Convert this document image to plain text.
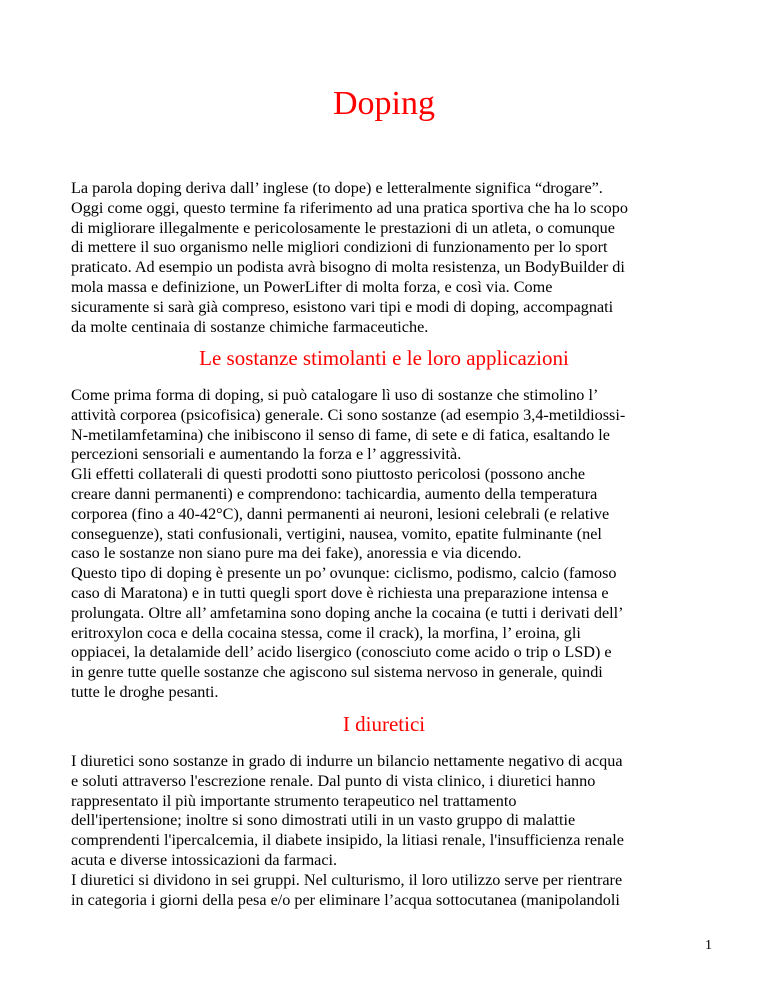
Doping

La parola doping deriva dall’ inglese (to dope) e letteralmente significa “drogare”.

Oggi come oggi, questo termine fa riferimento ad una pratica sportiva che ha lo scopo

di migliorare illegalmente e pericolosamente le prestazioni di un atleta, o comunque

di mettere il suo organismo nelle migliori condizioni di funzionamento per lo sport

praticato. Ad esempio un podista avrà bisogno di molta resistenza, un BodyBuilder di

mola massa e definizione, un PowerLifter di molta forza, e così via. Come

sicuramente si sarà già compreso, esistono vari tipi e modi di doping, accompagnati

da molte centinaia di sostanze chimiche farmaceutiche.

Le sostanze stimolanti e le loro applicazioni

Come prima forma di doping, si può catalogare lì uso di sostanze che stimolino l’

attività corporea (psicofisica) generale. Ci sono sostanze (ad esempio 3,4-metildiossi-

N-metilamfetamina) che inibiscono il senso di fame, di sete e di fatica, esaltando le

percezioni sensoriali e aumentando la forza e l’ aggressività.

Gli effetti collaterali di questi prodotti sono piuttosto pericolosi (possono anche

creare danni permanenti) e comprendono: tachicardia, aumento della temperatura

corporea (fino a 40-42°C), danni permanenti ai neuroni, lesioni celebrali (e relative

conseguenze), stati confusionali, vertigini, nausea, vomito, epatite fulminante (nel

caso le sostanze non siano pure ma dei fake), anoressia e via dicendo.

Questo tipo di doping è presente un po’ ovunque: ciclismo, podismo, calcio (famoso

caso di Maratona) e in tutti quegli sport dove è richiesta una preparazione intensa e

prolungata. Oltre all’ amfetamina sono doping anche la cocaina (e tutti i derivati dell’

eritroxylon coca e della cocaina stessa, come il crack), la morfina, l’ eroina, gli

oppiacei, la detalamide dell’ acido lisergico (conosciuto come acido o trip o LSD) e

in genre tutte quelle sostanze che agiscono sul sistema nervoso in generale, quindi

tutte le droghe pesanti.

I diuretici

I diuretici sono sostanze in grado di indurre un bilancio nettamente negativo di acqua

e soluti attraverso l'escrezione renale. Dal punto di vista clinico, i diuretici hanno

rappresentato il più importante strumento terapeutico nel trattamento

dell'ipertensione; inoltre si sono dimostrati utili in un vasto gruppo di malattie

comprendenti l'ipercalcemia, il diabete insipido, la litiasi renale, l'insufficienza renale

acuta e diverse intossicazioni da farmaci.

I diuretici si dividono in sei gruppi. Nel culturismo, il loro utilizzo serve per rientrare

in categoria i giorni della pesa e/o per eliminare l’acqua sottocutanea (manipolandoli

1
